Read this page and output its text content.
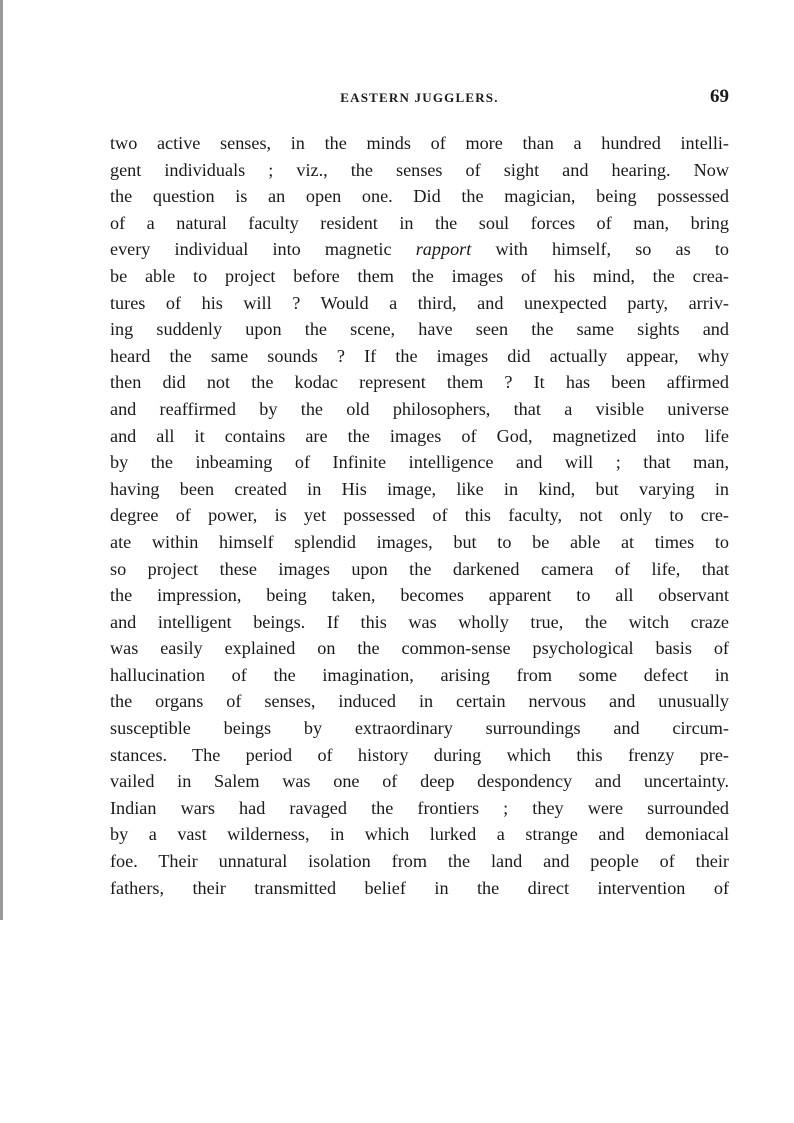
EASTERN JUGGLERS.	69
two active senses, in the minds of more than a hundred intelli-
gent individuals ; viz., the senses of sight and hearing. Now
the question is an open one. Did the magician, being possessed
of a natural faculty resident in the soul forces of man, bring
every individual into magnetic rapport with himself, so as to
be able to project before them the images of his mind, the crea-
tures of his will ? Would a third, and unexpected party, arriv-
ing suddenly upon the scene, have seen the same sights and
heard the same sounds ? If the images did actually appear, why
then did not the kodac represent them ? It has been affirmed
and reaffirmed by the old philosophers, that a visible universe
and all it contains are the images of God, magnetized into life
by the inbeaming of Infinite intelligence and will ; that man,
having been created in His image, like in kind, but varying in
degree of power, is yet possessed of this faculty, not only to cre-
ate within himself splendid images, but to be able at times to
so project these images upon the darkened camera of life, that
the impression, being taken, becomes apparent to all observant
and intelligent beings. If this was wholly true, the witch craze
was easily explained on the common-sense psychological basis of
hallucination of the imagination, arising from some defect in
the organs of senses, induced in certain nervous and unusually
susceptible beings by extraordinary surroundings and circum-
stances. The period of history during which this frenzy pre-
vailed in Salem was one of deep despondency and uncertainty.
Indian wars had ravaged the frontiers ; they were surrounded
by a vast wilderness, in which lurked a strange and demoniacal
foe. Their unnatural isolation from the land and people of their
fathers, their transmitted belief in the direct intervention of
